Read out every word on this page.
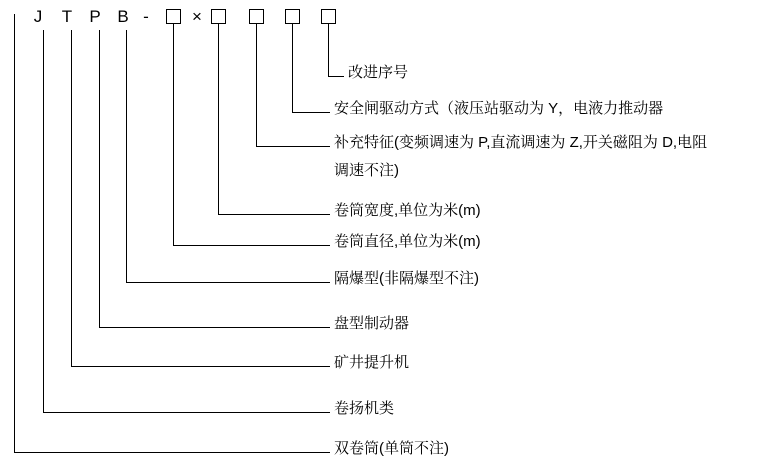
J T P B -	×
改进序号
安全闸驱动方式（液压站驱动为 Y，电液力推动器
补充特征(变频调速为 P,直流调速为 Z,开关磁阻为 D,电阻
调速不注)
卷筒宽度,单位为米(m)
卷筒直径,单位为米(m)
隔爆型(非隔爆型不注)
盘型制动器
矿井提升机
卷扬机类
双卷筒(单筒不注)
